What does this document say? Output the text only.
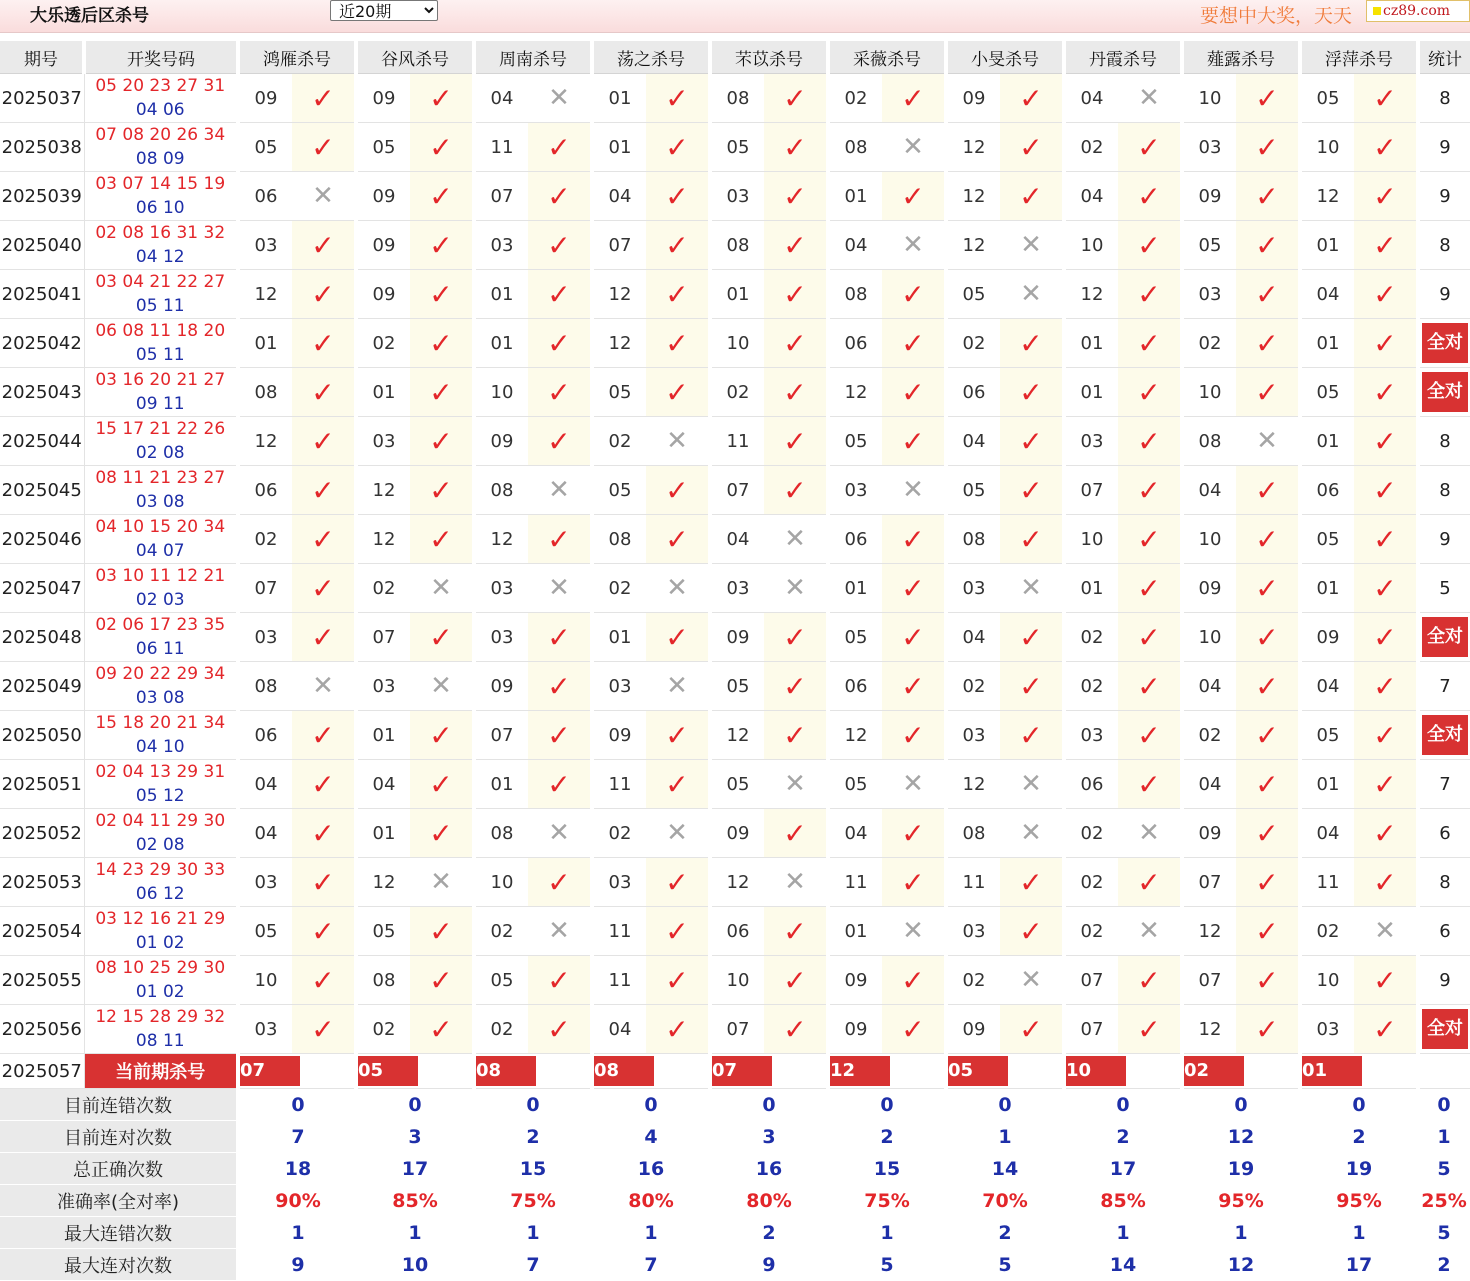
大乐透后区杀号
近20期	要想中大奖，天天	cz89.com
期号	开奖号码	鸿雁杀号		谷风杀号		周南杀号		荡之杀号		芣苡杀号		采薇杀号		小旻杀号		丹霞杀号		薤露杀号		浮萍杀号		统计
2025037	05 20 23 27 31
04 06	09	✓	09	✓	04	✕	01	✓	08	✓	02	✓	09	✓	04	✕	10	✓	05	✓	8
2025038	07 08 20 26 34
08 09	05	✓	05	✓	11	✓	01	✓	05	✓	08	✕	12	✓	02	✓	03	✓	10	✓	9
2025039	03 07 14 15 19
06 10	06	✕	09	✓	07	✓	04	✓	03	✓	01	✓	12	✓	04	✓	09	✓	12	✓	9
2025040	02 08 16 31 32
04 12	03	✓	09	✓	03	✓	07	✓	08	✓	04	✕	12	✕	10	✓	05	✓	01	✓	8
2025041	03 04 21 22 27
05 11	12	✓	09	✓	01	✓	12	✓	01	✓	08	✓	05	✕	12	✓	03	✓	04	✓	9
2025042	06 08 11 18 20
05 11	01	✓	02	✓	01	✓	12	✓	10	✓	06	✓	02	✓	01	✓	02	✓	01	✓	全对

2025043	03 16 20 21 27
09 11	08	✓	01	✓	10	✓	05	✓	02	✓	12	✓	06	✓	01	✓	10	✓	05	✓	全对

2025044	15 17 21 22 26
02 08	12	✓	03	✓	09	✓	02	✕	11	✓	05	✓	04	✓	03	✓	08	✕	01	✓	8
2025045	08 11 21 23 27
03 08	06	✓	12	✓	08	✕	05	✓	07	✓	03	✕	05	✓	07	✓	04	✓	06	✓	8
2025046	04 10 15 20 34
04 07	02	✓	12	✓	12	✓	08	✓	04	✕	06	✓	08	✓	10	✓	10	✓	05	✓	9
2025047	03 10 11 12 21
02 03	07	✓	02	✕	03	✕	02	✕	03	✕	01	✓	03	✕	01	✓	09	✓	01	✓	5
2025048	02 06 17 23 35
06 11	03	✓	07	✓	03	✓	01	✓	09	✓	05	✓	04	✓	02	✓	10	✓	09	✓	全对

2025049	09 20 22 29 34
03 08	08	✕	03	✕	09	✓	03	✕	05	✓	06	✓	02	✓	02	✓	04	✓	04	✓	7
2025050	15 18 20 21 34
04 10	06	✓	01	✓	07	✓	09	✓	12	✓	12	✓	03	✓	03	✓	02	✓	05	✓	全对

2025051	02 04 13 29 31
05 12	04	✓	04	✓	01	✓	11	✓	05	✕	05	✕	12	✕	06	✓	04	✓	01	✓	7
2025052	02 04 11 29 30
02 08	04	✓	01	✓	08	✕	02	✕	09	✓	04	✓	08	✕	02	✕	09	✓	04	✓	6
2025053	14 23 29 30 33
06 12	03	✓	12	✕	10	✓	03	✓	12	✕	11	✓	11	✓	02	✓	07	✓	11	✓	8
2025054	03 12 16 21 29
01 02	05	✓	05	✓	02	✕	11	✓	06	✓	01	✕	03	✓	02	✕	12	✓	02	✕	6
2025055	08 10 25 29 30
01 02	10	✓	08	✓	05	✓	11	✓	10	✓	09	✓	02	✕	07	✓	07	✓	10	✓	9
2025056	12 15 28 29 32
08 11	03	✓	02	✓	02	✓	04	✓	07	✓	09	✓	09	✓	07	✓	12	✓	03	✓	全对

2025057	当前期杀号	07		05		08		08		07		12		05		10		02		01		

目前连错次数		0		0		0		0		0		0		0		0		0		0		0
目前连对次数		7		3		2		4		3		2		1		2		12		2		1
总正确次数		18		17		15		16		16		15		14		17		19		19		5
准确率(全对率)		90%		85%		75%		80%		80%		75%		70%		85%		95%		95%		25%
最大连错次数		1		1		1		1		2		1		2		1		1		1		5
最大连对次数		9		10		7		7		9		5		5		14		12		17		2
